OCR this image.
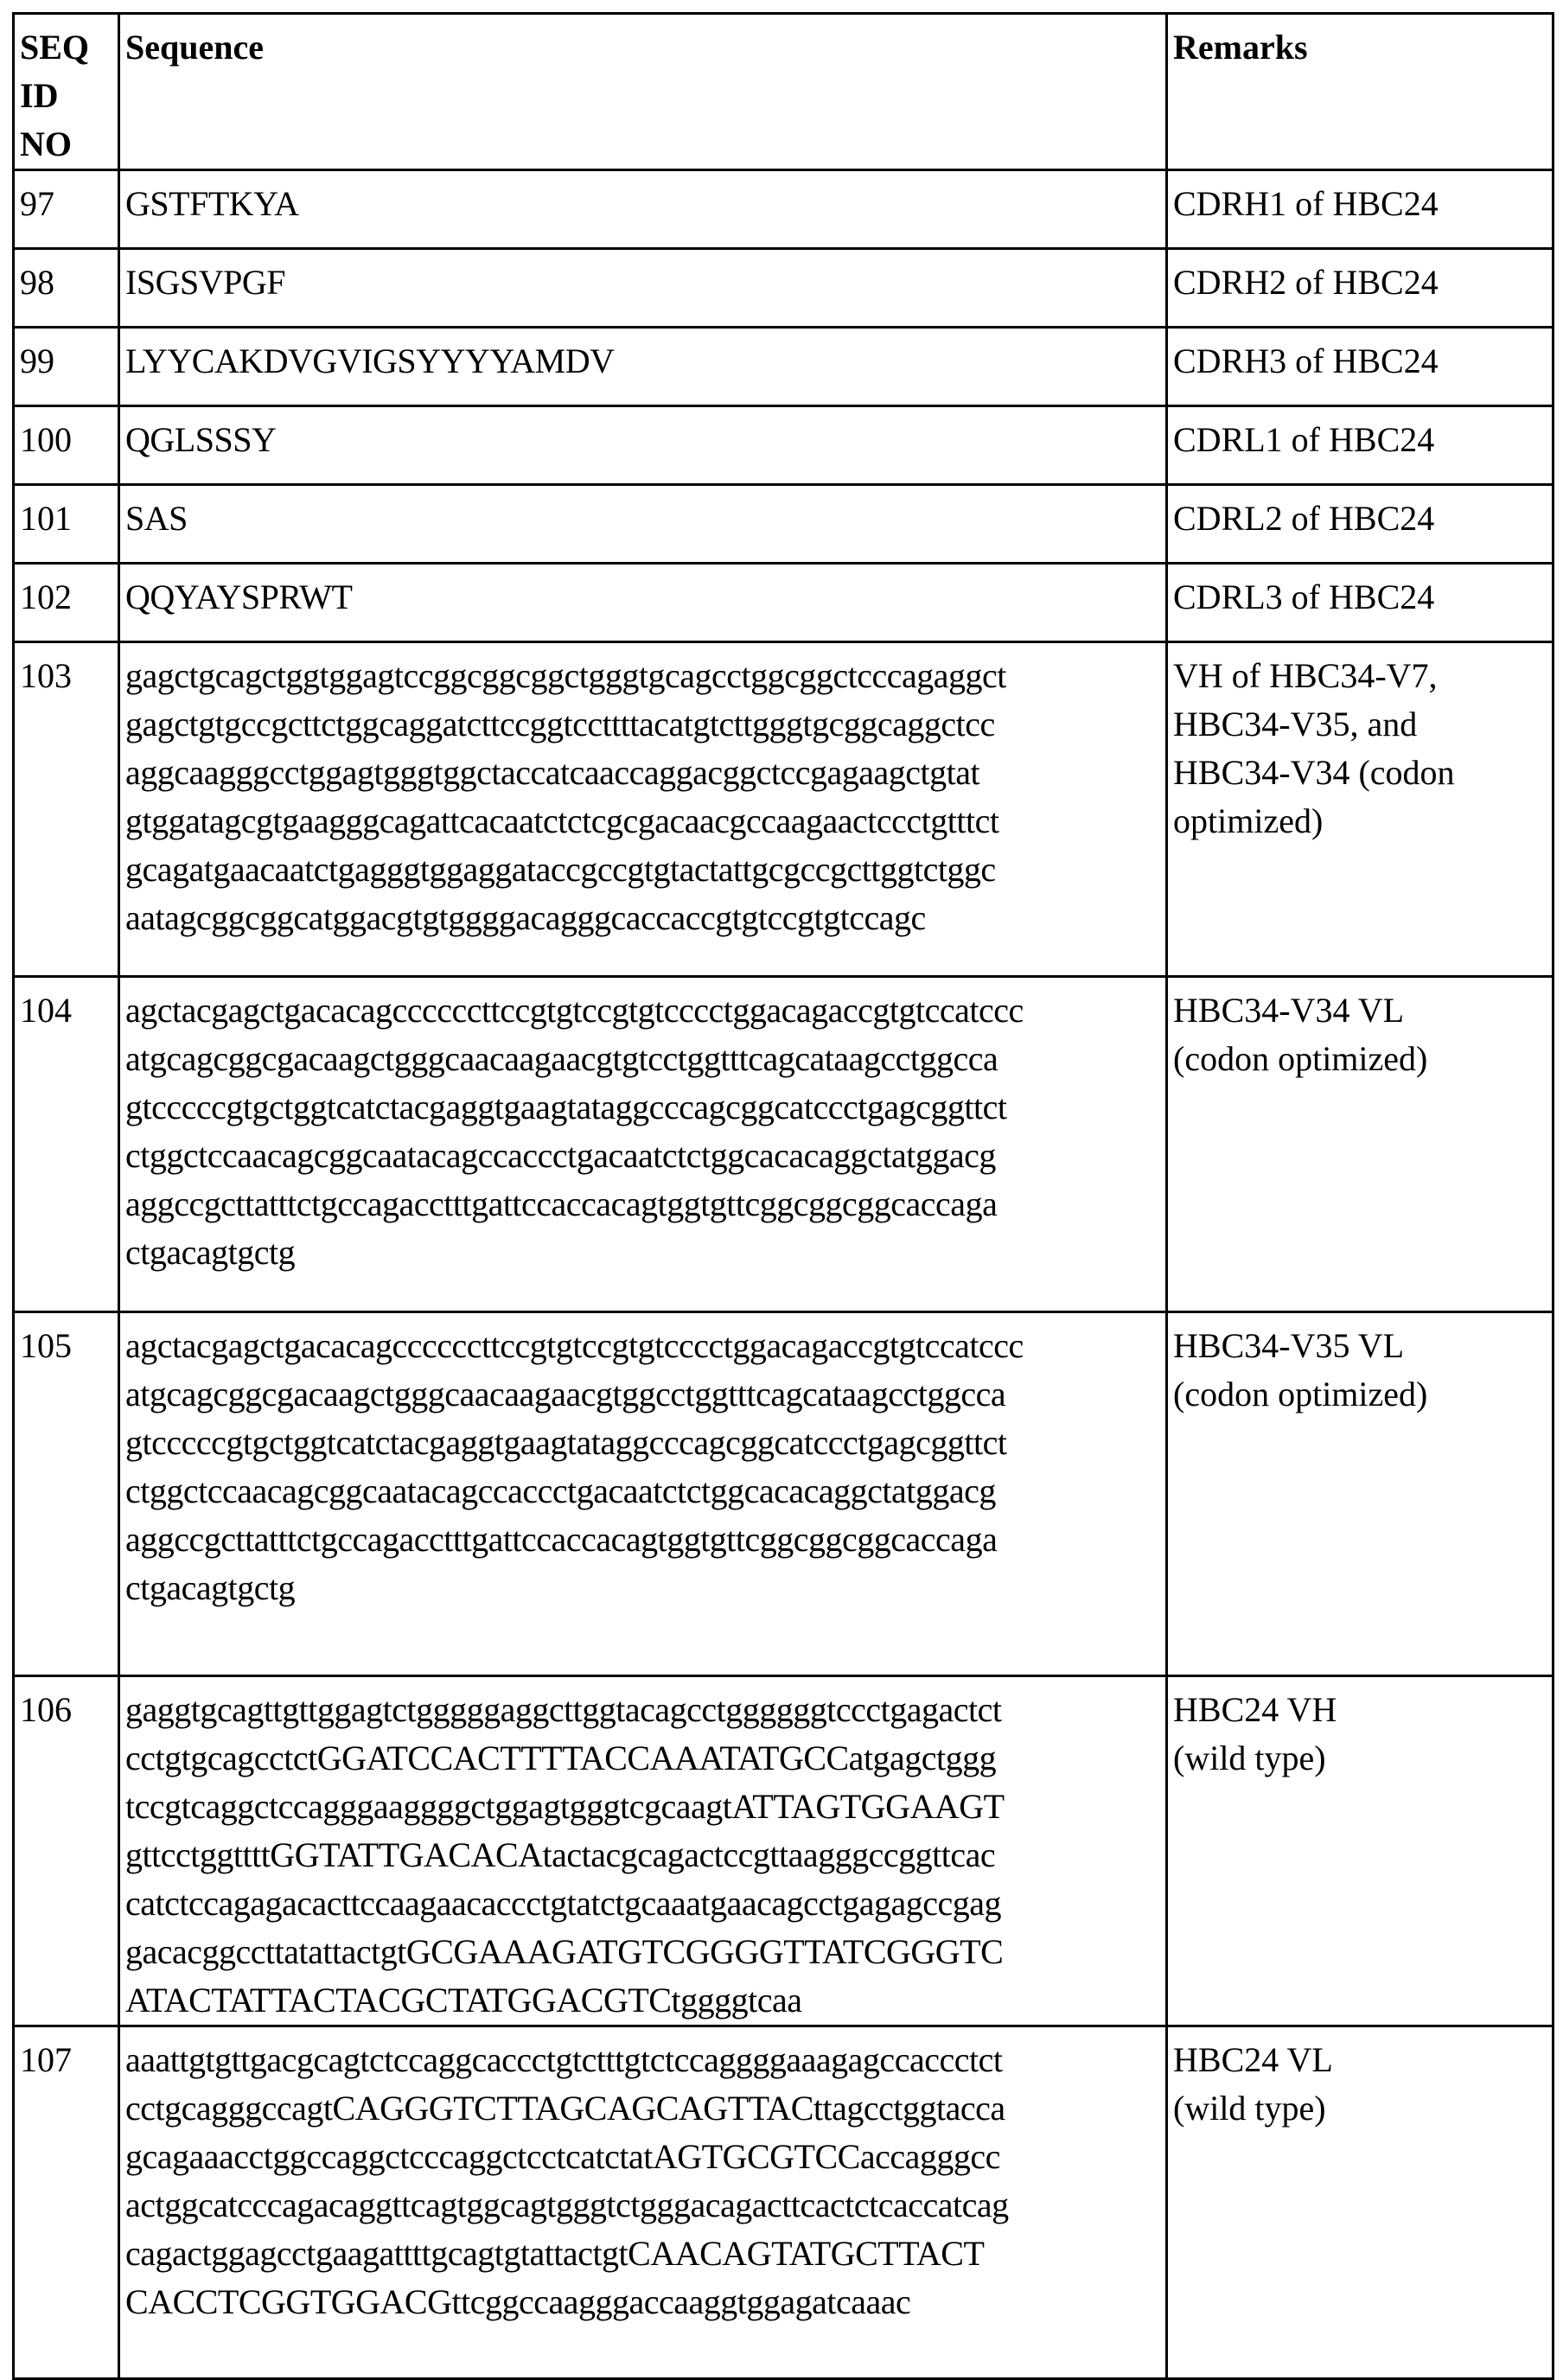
SEQ
ID
NO
	Sequence	Remarks
97	GSTFTKYA	CDRH1 of HBC24

98	ISGSVPGF	CDRH2 of HBC24

99	LYYCAKDVGVIGSYYYYAMDV	CDRH3 of HBC24

100	QGLSSSY	CDRL1 of HBC24

101	SAS	CDRL2 of HBC24

102	QQYAYSPRWT	CDRL3 of HBC24

103	gagctgcagctggtggagtccggcggcggctgggtgcagcctggcggctcccagaggct
gagctgtgccgcttctggcaggatcttccggtccttttacatgtcttgggtgcggcaggctcc
aggcaagggcctggagtgggtggctaccatcaaccaggacggctccgagaagctgtat
gtggatagcgtgaagggcagattcacaatctctcgcgacaacgccaagaactccctgtttct
gcagatgaacaatctgagggtggaggataccgccgtgtactattgcgccgcttggtctggc
aatagcggcggcatggacgtgtggggacagggcaccaccgtgtccgtgtccagc

VH of HBC34-V7,
HBC34-V35, and
HBC34-V34 (codon
optimized)

104	agctacgagctgacacagccccccttccgtgtccgtgtcccctggacagaccgtgtccatccc
atgcagcggcgacaagctgggcaacaagaacgtgtcctggtttcagcataagcctggcca
gtcccccgtgctggtcatctacgaggtgaagtataggcccagcggcatccctgagcggttct
ctggctccaacagcggcaatacagccaccctgacaatctctggcacacaggctatggacg
aggccgcttatttctgccagacctttgattccaccacagtggtgttcggcggcggcaccaga
ctgacagtgctg

HBC34-V34 VL
(codon optimized)

105	agctacgagctgacacagccccccttccgtgtccgtgtcccctggacagaccgtgtccatccc
atgcagcggcgacaagctgggcaacaagaacgtggcctggtttcagcataagcctggcca
gtcccccgtgctggtcatctacgaggtgaagtataggcccagcggcatccctgagcggttct
ctggctccaacagcggcaatacagccaccctgacaatctctggcacacaggctatggacg
aggccgcttatttctgccagacctttgattccaccacagtggtgttcggcggcggcaccaga
ctgacagtgctg

HBC34-V35 VL
(codon optimized)

106	gaggtgcagttgttggagtctgggggaggcttggtacagcctggggggtccctgagactct
cctgtgcagcctctGGATCCACTTTTACCAAATATGCCatgagctggg
tccgtcaggctccagggaaggggctggagtgggtcgcaagtATTAGTGGAAGT
gttcctggttttGGTATTGACACAtactacgcagactccgttaagggccggttcac
catctccagagacacttccaagaacaccctgtatctgcaaatgaacagcctgagagccgag
gacacggccttatattactgtGCGAAAGATGTCGGGGTTATCGGGTC
ATACTATTACTACGCTATGGACGTCtggggtcaa

HBC24 VH
(wild type)

107	aaattgtgttgacgcagtctccaggcaccctgtctttgtctccaggggaaagagccaccctct
cctgcagggccagtCAGGGTCTTAGCAGCAGTTACttagcctggtacca
gcagaaacctggccaggctcccaggctcctcatctatAGTGCGTCCaccagggcc
actggcatcccagacaggttcagtggcagtgggtctgggacagacttcactctcaccatcag
cagactggagcctgaagattttgcagtgtattactgtCAACAGTATGCTTACT
CACCTCGGTGGACGttcggccaagggaccaaggtggagatcaaac

HBC24 VL
(wild type)
